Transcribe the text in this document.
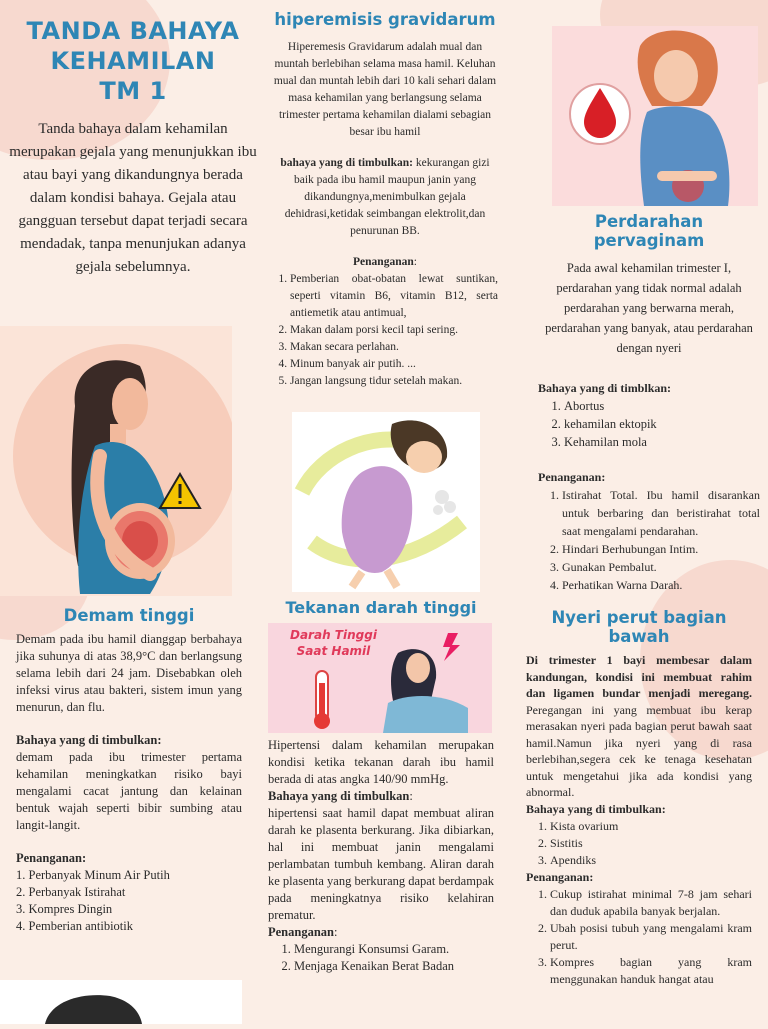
TANDA BAHAYA
KEHAMILAN
TM 1

Tanda bahaya dalam kehamilan merupakan gejala yang menunjukkan ibu atau bayi yang dikandungnya berada dalam kondisi bahaya. Gejala atau gangguan tersebut dapat terjadi secara mendadak, tanpa menunjukan adanya gejala sebelumnya.

Demam tinggi

Demam pada ibu hamil dianggap berbahaya jika suhunya di atas 38,9°C dan berlangsung selama lebih dari 24 jam. Disebabkan oleh infeksi virus atau bakteri, sistem imun yang menurun, dan flu.

Bahaya yang di timbulkan:

demam pada ibu trimester pertama kehamilan meningkatkan risiko bayi mengalami cacat jantung dan kelainan bentuk wajah seperti bibir sumbing atau langit-langit.

Penanganan:

1. Perbanyak Minum Air Putih

2. Perbanyak Istirahat

3. Kompres Dingin

4. Pemberian antibiotik

hiperemisis gravidarum

Hiperemesis Gravidarum adalah mual dan muntah berlebihan selama masa hamil. Keluhan mual dan muntah lebih dari 10 kali sehari dalam masa kehamilan yang berlangsung selama trimester pertama kehamilan dialami sebagian besar ibu hamil

bahaya yang di timbulkan: kekurangan gizi baik pada ibu hamil maupun janin yang dikandungnya,menimbulkan gejala dehidrasi,ketidak seimbangan elektrolit,dan penurunan BB.

Penanganan:

1. Pemberian obat-obatan lewat suntikan, seperti vitamin B6, vitamin B12, serta antiemetik atau antimual,
2. Makan dalam porsi kecil tapi sering.
3. Makan secara perlahan.
4. Minum banyak air putih. ...
5. Jangan langsung tidur setelah makan.
Tekanan darah tinggi
Darah Tinggi
Saat Hamil

Hipertensi dalam kehamilan merupakan kondisi ketika tekanan darah ibu hamil berada di atas angka 140/90 mmHg.

Bahaya yang di timbulkan:

hipertensi saat hamil dapat membuat aliran darah ke plasenta berkurang. Jika dibiarkan, hal ini membuat janin mengalami perlambatan tumbuh kembang. Aliran darah ke plasenta yang berkurang dapat berdampak pada meningkatnya risiko kelahiran prematur.

Penanganan:

1. Mengurangi Konsumsi Garam.
2. Menjaga Kenaikan Berat Badan
Perdarahan pervaginam

Pada awal kehamilan trimester I, perdarahan yang tidak normal adalah perdarahan yang berwarna merah, perdarahan yang banyak, atau perdarahan dengan nyeri

Bahaya yang di timblkan:

1. Abortus
2. kehamilan ektopik
3. Kehamilan mola

Penanganan:

1. Istirahat Total. Ibu hamil disarankan untuk berbaring dan beristirahat total saat mengalami pendarahan.
2. Hindari Berhubungan Intim.
3. Gunakan Pembalut.
4. Perhatikan Warna Darah.
Nyeri perut bagian bawah

Di trimester 1 bayi membesar dalam kandungan, kondisi ini membuat rahim dan ligamen bundar menjadi meregang. Peregangan ini yang membuat ibu kerap merasakan nyeri pada bagian perut bawah saat hamil.Namun jika nyeri yang di rasa berlebihan,segera cek ke tenaga kesehatan untuk mengetahui jika ada kondisi yang abnormal.

Bahaya yang di timbulkan:

1. Kista ovarium
2. Sistitis
3. Apendiks

Penanganan:

1. Cukup istirahat minimal 7-8 jam sehari dan duduk apabila banyak berjalan.
2. Ubah posisi tubuh yang mengalami kram perut.
3. Kompres bagian yang kram menggunakan handuk hangat atau
